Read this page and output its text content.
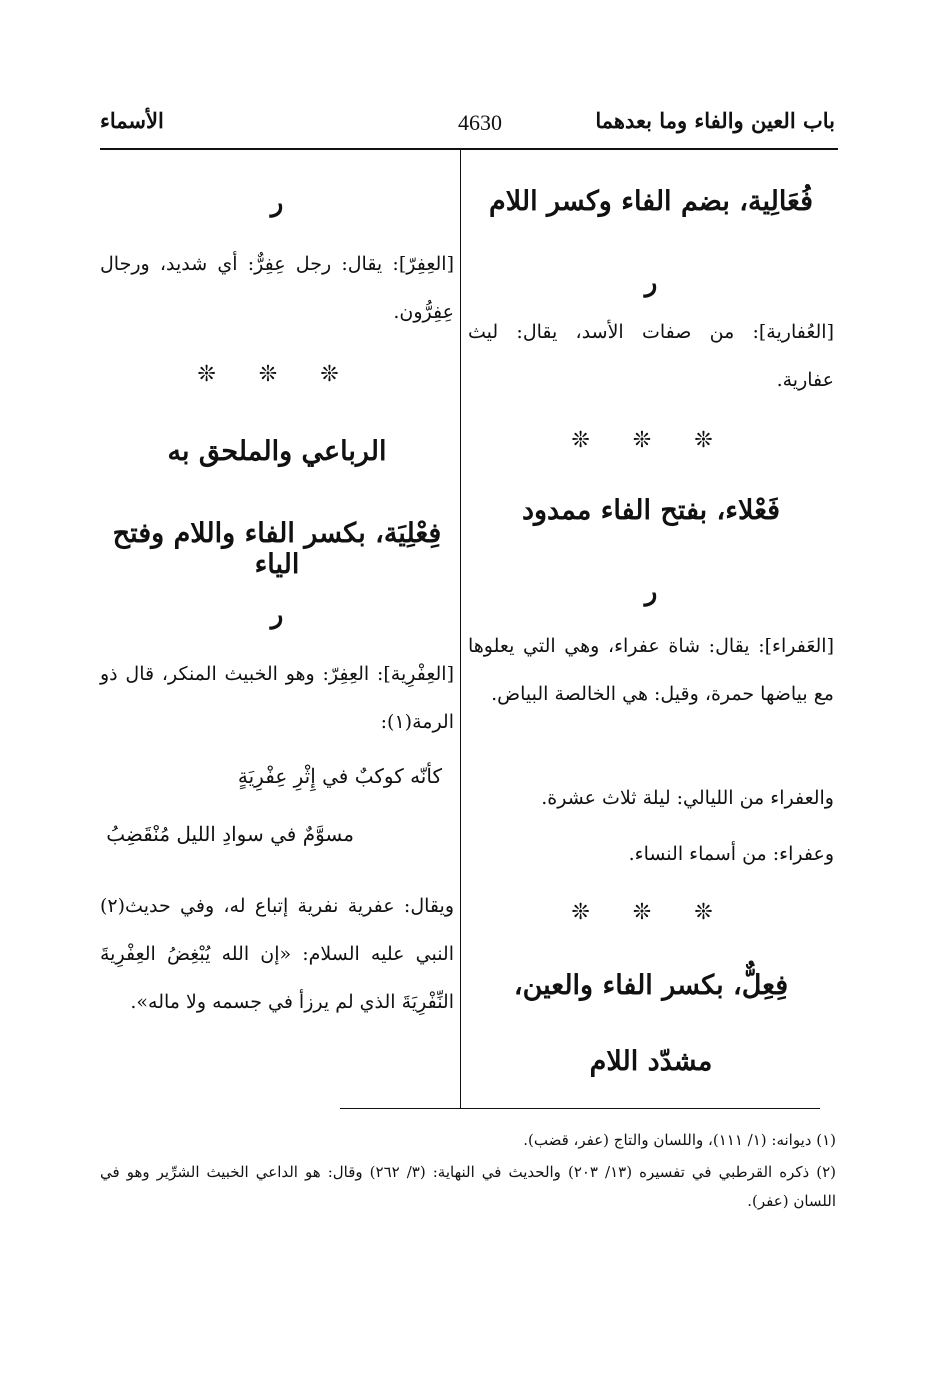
باب العين والفاء وما بعدهما
4630
الأسماء
فُعَالِية، بضم الفاء وكسر اللام
ر
[العُفارية]: من صفات الأسد، يقال: ليث عفارية.
❊ ❊ ❊
فَعْلاء، بفتح الفاء ممدود
ر
[العَفراء]: يقال: شاة عفراء، وهي التي يعلوها مع بياضها حمرة، وقيل: هي الخالصة البياض.
والعفراء من الليالي: ليلة ثلاث عشرة.
وعفراء: من أسماء النساء.
❊ ❊ ❊
فِعِلٌّ، بكسر الفاء والعين،
مشدّد اللام
ر
[العِفِرّ]: يقال: رجل عِفِرٌّ: أي شديد، ورجال عِفِرُّون.
❊ ❊ ❊
الرباعي والملحق به
فِعْلِيَة، بكسر الفاء واللام وفتح الياء
ر
[العِفْرِية]: العِفِرّ: وهو الخبيث المنكر، قال ذو الرمة(١):
كأنّه كوكبٌ في إِثْرِ عِفْرِيَةٍ
مسوَّمٌ في سوادِ الليل مُنْقَضِبُ
ويقال: عفرية نفرية إتباع له، وفي حديث(٢) النبي عليه السلام: «إن الله يُبْغِضُ العِفْرِيةَ النِّفْرِيَةَ الذي لم يرزأ في جسمه ولا ماله».
(١) ديوانه: (١/ ١١١)، واللسان والتاج (عفر، قضب).
(٢) ذكره القرطبي في تفسيره (١٣/ ٢٠٣) والحديث في النهاية: (٣/ ٢٦٢) وقال: هو الداعي الخبيث الشرِّير وهو في اللسان (عفر).
